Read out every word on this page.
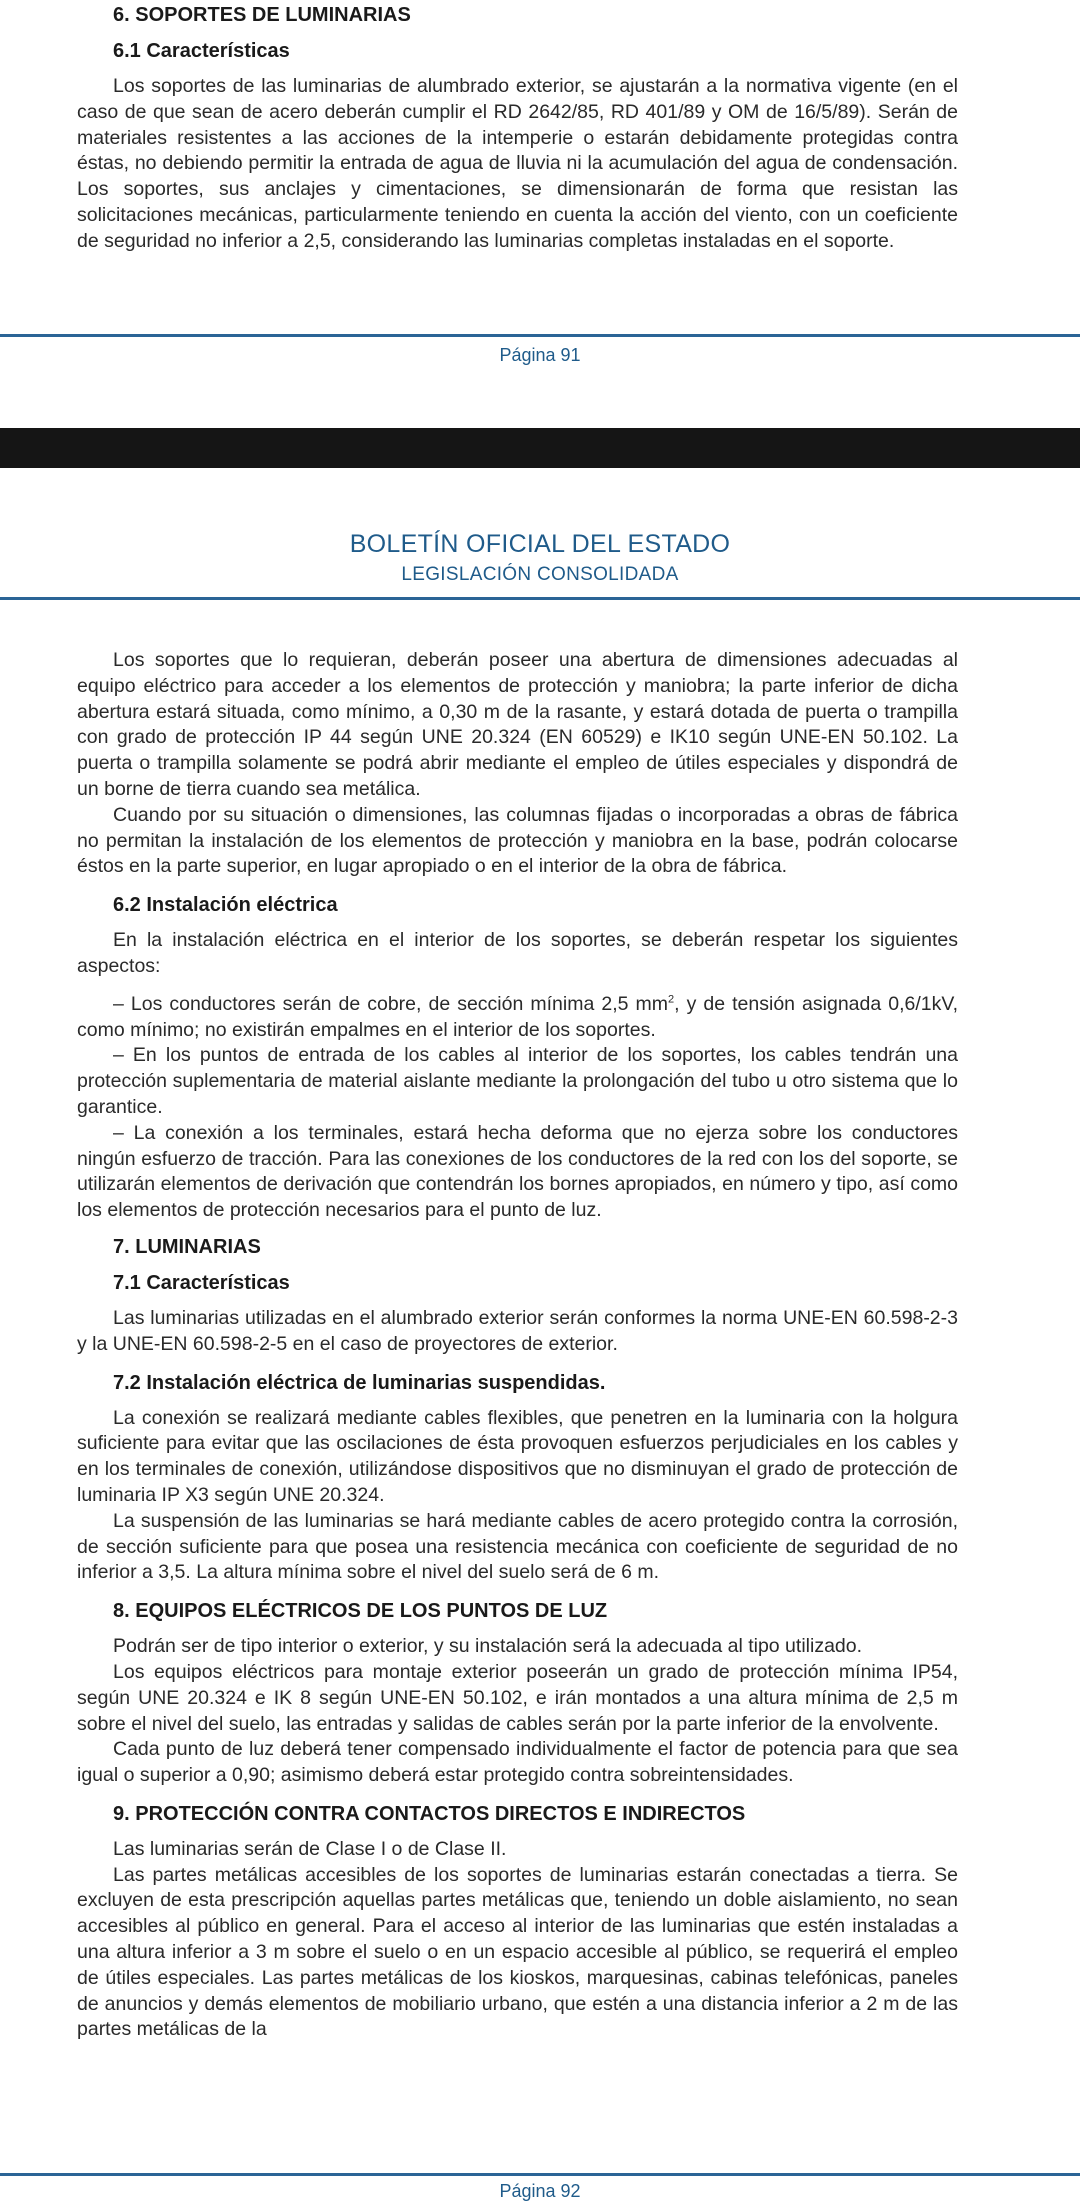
6. SOPORTES DE LUMINARIAS
6.1 Características

Los soportes de las luminarias de alumbrado exterior, se ajustarán a la normativa vigente (en el caso de que sean de acero deberán cumplir el RD 2642/85, RD 401/89 y OM de 16/5/89). Serán de materiales resistentes a las acciones de la intemperie o estarán debidamente protegidas contra éstas, no debiendo permitir la entrada de agua de lluvia ni la acumulación del agua de condensación. Los soportes, sus anclajes y cimentaciones, se dimensionarán de forma que resistan las solicitaciones mecánicas, particularmente teniendo en cuenta la acción del viento, con un coeficiente de seguridad no inferior a 2,5, considerando las luminarias completas instaladas en el soporte.

Página 91
BOLETÍN OFICIAL DEL ESTADO
LEGISLACIÓN CONSOLIDADA

Los soportes que lo requieran, deberán poseer una abertura de dimensiones adecuadas al equipo eléctrico para acceder a los elementos de protección y maniobra; la parte inferior de dicha abertura estará situada, como mínimo, a 0,30 m de la rasante, y estará dotada de puerta o trampilla con grado de protección IP 44 según UNE 20.324 (EN 60529) e IK10 según UNE-EN 50.102. La puerta o trampilla solamente se podrá abrir mediante el empleo de útiles especiales y dispondrá de un borne de tierra cuando sea metálica.

Cuando por su situación o dimensiones, las columnas fijadas o incorporadas a obras de fábrica no permitan la instalación de los elementos de protección y maniobra en la base, podrán colocarse éstos en la parte superior, en lugar apropiado o en el interior de la obra de fábrica.

6.2 Instalación eléctrica

En la instalación eléctrica en el interior de los soportes, se deberán respetar los siguientes aspectos:

– Los conductores serán de cobre, de sección mínima 2,5 $mm^2$, y de tensión asignada 0,6/1kV, como mínimo; no existirán empalmes en el interior de los soportes.

– En los puntos de entrada de los cables al interior de los soportes, los cables tendrán una protección suplementaria de material aislante mediante la prolongación del tubo u otro sistema que lo garantice.

– La conexión a los terminales, estará hecha deforma que no ejerza sobre los conductores ningún esfuerzo de tracción. Para las conexiones de los conductores de la red con los del soporte, se utilizarán elementos de derivación que contendrán los bornes apropiados, en número y tipo, así como los elementos de protección necesarios para el punto de luz.

7. LUMINARIAS
7.1 Características

Las luminarias utilizadas en el alumbrado exterior serán conformes la norma UNE-EN 60.598-2-3 y la UNE-EN 60.598-2-5 en el caso de proyectores de exterior.

7.2 Instalación eléctrica de luminarias suspendidas.

La conexión se realizará mediante cables flexibles, que penetren en la luminaria con la holgura suficiente para evitar que las oscilaciones de ésta provoquen esfuerzos perjudiciales en los cables y en los terminales de conexión, utilizándose dispositivos que no disminuyan el grado de protección de luminaria IP X3 según UNE 20.324.

La suspensión de las luminarias se hará mediante cables de acero protegido contra la corrosión, de sección suficiente para que posea una resistencia mecánica con coeficiente de seguridad de no inferior a 3,5. La altura mínima sobre el nivel del suelo será de 6 m.

8. EQUIPOS ELÉCTRICOS DE LOS PUNTOS DE LUZ

Podrán ser de tipo interior o exterior, y su instalación será la adecuada al tipo utilizado.

Los equipos eléctricos para montaje exterior poseerán un grado de protección mínima IP54, según UNE 20.324 e IK 8 según UNE-EN 50.102, e irán montados a una altura mínima de 2,5 m sobre el nivel del suelo, las entradas y salidas de cables serán por la parte inferior de la envolvente.

Cada punto de luz deberá tener compensado individualmente el factor de potencia para que sea igual o superior a 0,90; asimismo deberá estar protegido contra sobreintensidades.

9. PROTECCIÓN CONTRA CONTACTOS DIRECTOS E INDIRECTOS

Las luminarias serán de Clase I o de Clase II.

Las partes metálicas accesibles de los soportes de luminarias estarán conectadas a tierra. Se excluyen de esta prescripción aquellas partes metálicas que, teniendo un doble aislamiento, no sean accesibles al público en general. Para el acceso al interior de las luminarias que estén instaladas a una altura inferior a 3 m sobre el suelo o en un espacio accesible al público, se requerirá el empleo de útiles especiales. Las partes metálicas de los kioskos, marquesinas, cabinas telefónicas, paneles de anuncios y demás elementos de mobiliario urbano, que estén a una distancia inferior a 2 m de las partes metálicas de la

Página 92
